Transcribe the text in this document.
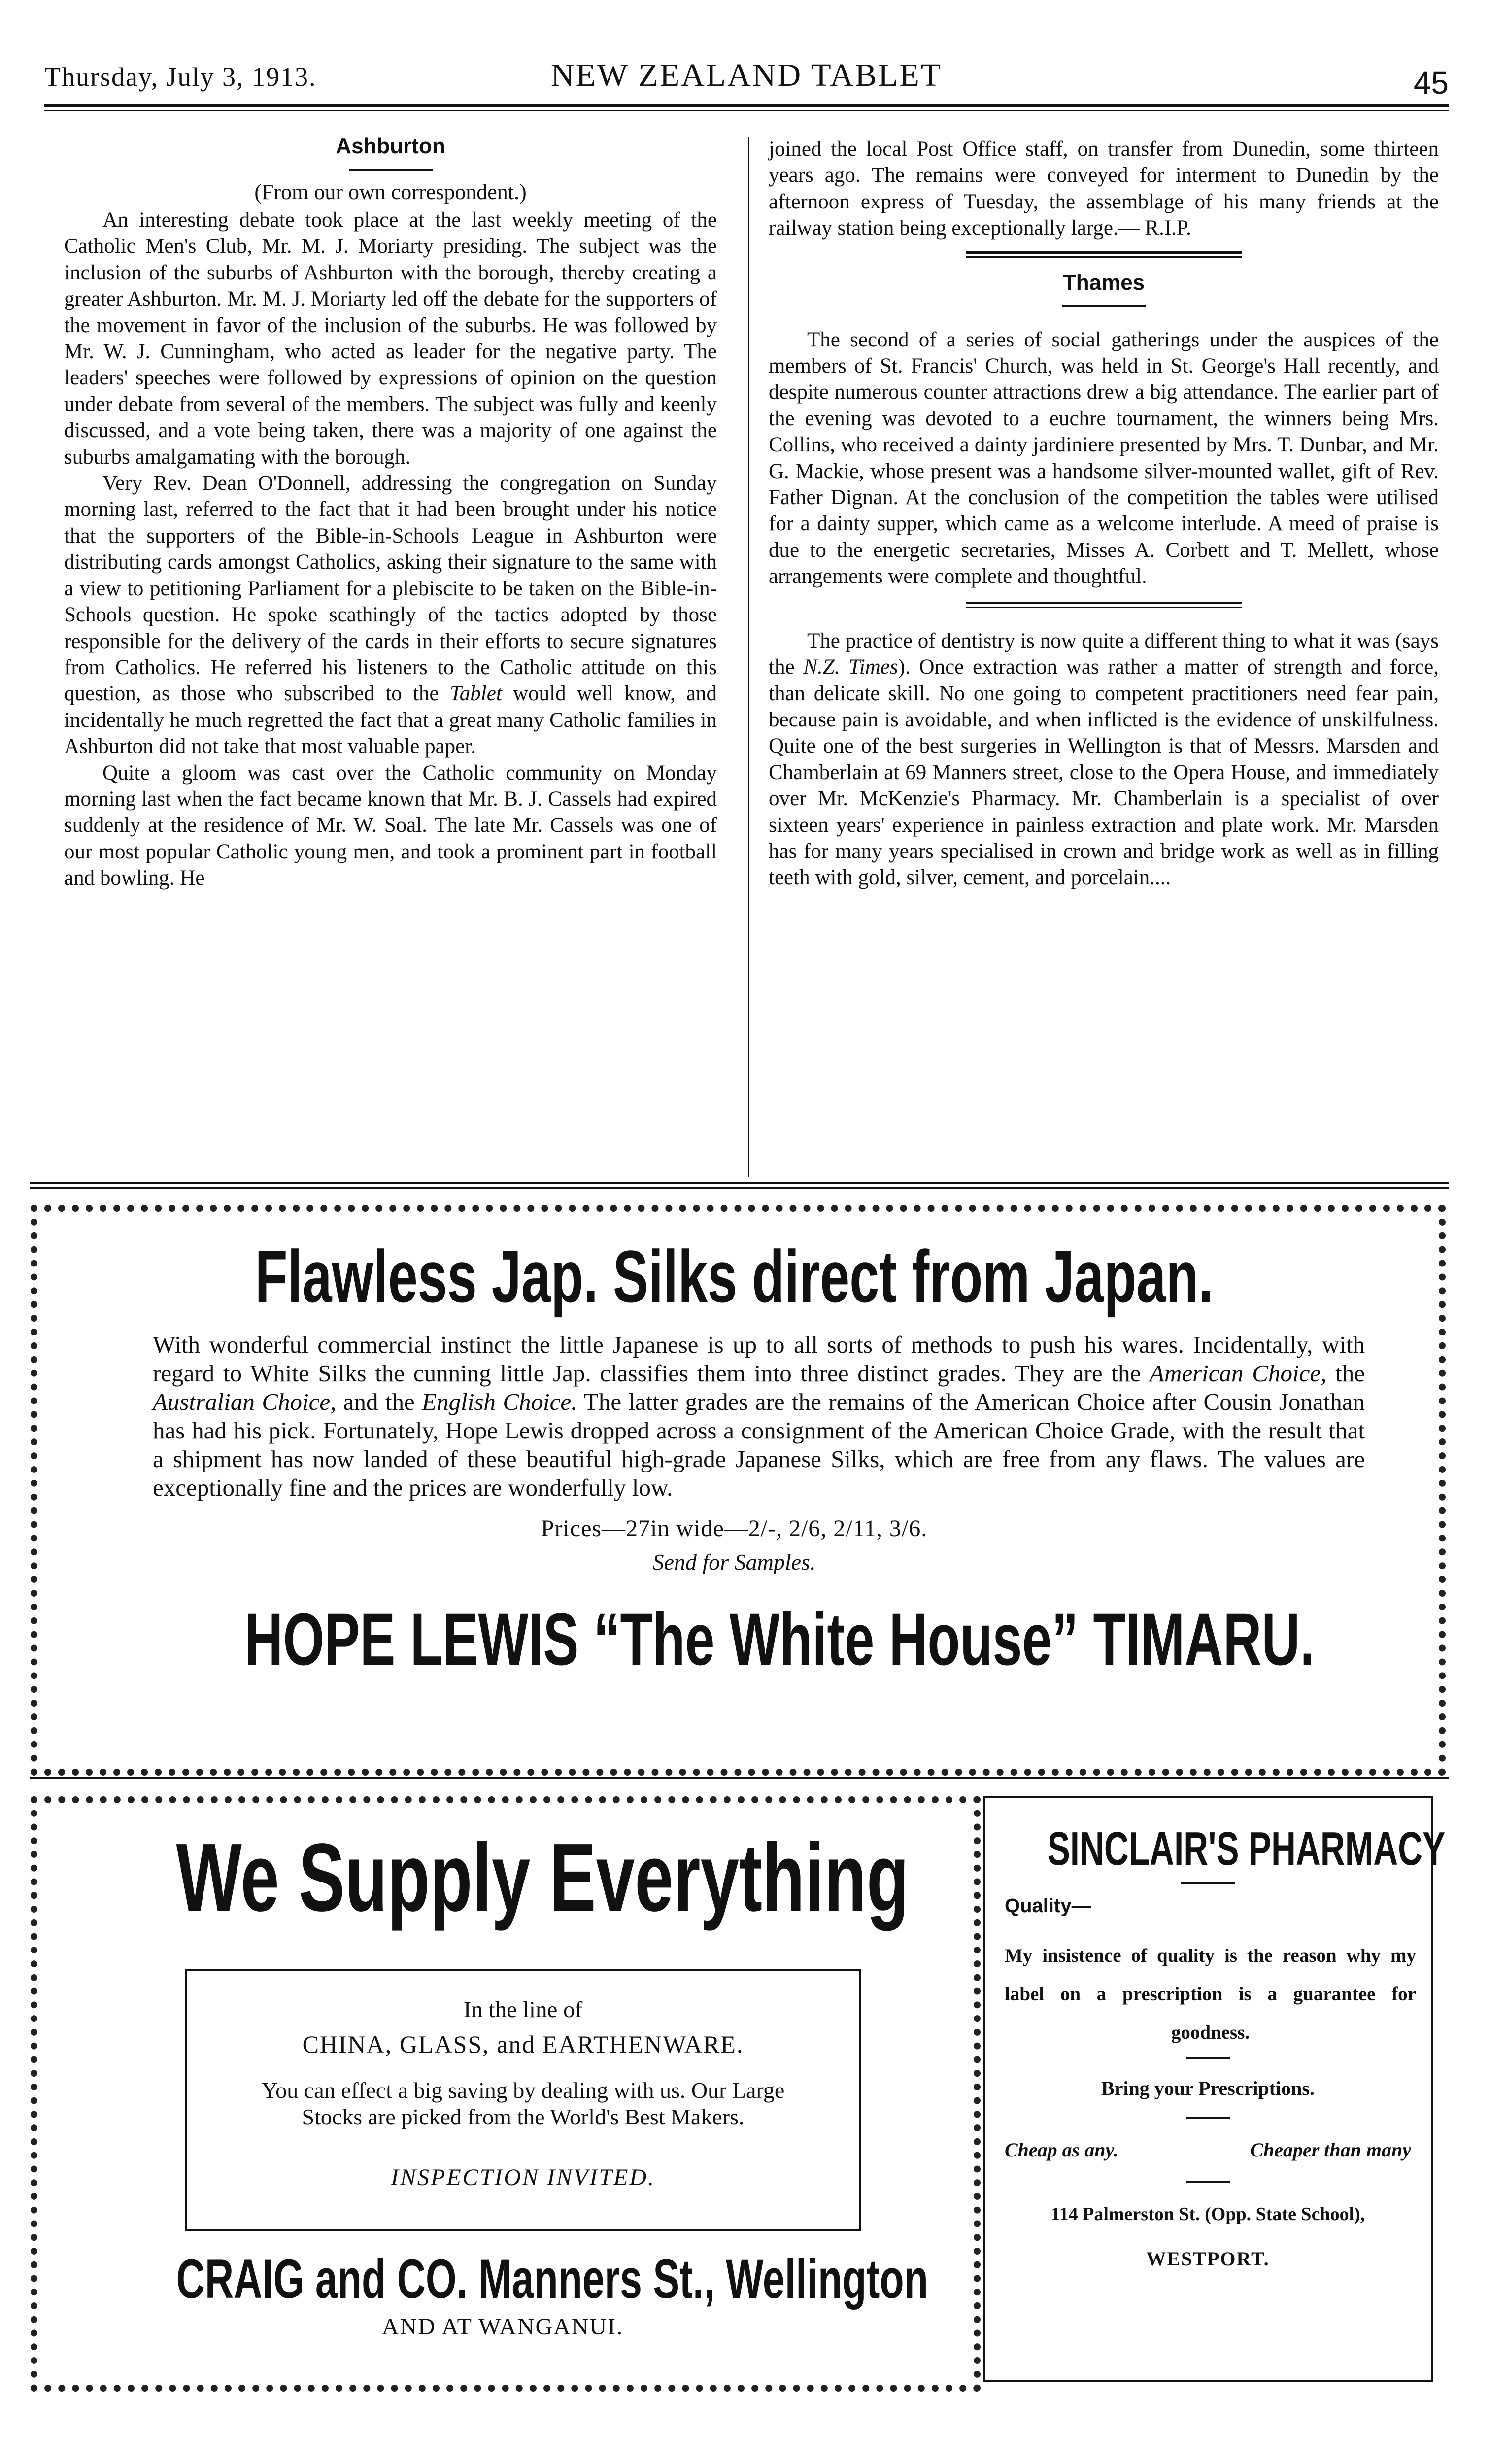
Thursday, July 3, 1913.	NEW ZEALAND TABLET	45
Ashburton
(From our own correspondent.)

An interesting debate took place at the last weekly meeting of the Catholic Men's Club, Mr. M. J. Moriarty presiding. The subject was the inclusion of the suburbs of Ashburton with the borough, thereby creating a greater Ashburton. Mr. M. J. Moriarty led off the debate for the supporters of the movement in favor of the inclusion of the suburbs. He was followed by Mr. W. J. Cunningham, who acted as leader for the negative party. The leaders' speeches were followed by expressions of opinion on the question under debate from several of the members. The subject was fully and keenly discussed, and a vote being taken, there was a majority of one against the suburbs amalgamating with the borough.

Very Rev. Dean O'Donnell, addressing the congregation on Sunday morning last, referred to the fact that it had been brought under his notice that the supporters of the Bible-in-Schools League in Ashburton were distributing cards amongst Catholics, asking their signature to the same with a view to petitioning Parliament for a plebiscite to be taken on the Bible-in-Schools question. He spoke scathingly of the tactics adopted by those responsible for the delivery of the cards in their efforts to secure signatures from Catholics. He referred his listeners to the Catholic attitude on this question, as those who subscribed to the Tablet would well know, and incidentally he much regretted the fact that a great many Catholic families in Ashburton did not take that most valuable paper.

Quite a gloom was cast over the Catholic community on Monday morning last when the fact became known that Mr. B. J. Cassels had expired suddenly at the residence of Mr. W. Soal. The late Mr. Cassels was one of our most popular Catholic young men, and took a prominent part in football and bowling. He

joined the local Post Office staff, on transfer from Dunedin, some thirteen years ago. The remains were conveyed for interment to Dunedin by the afternoon express of Tuesday, the assemblage of his many friends at the railway station being exceptionally large.— R.I.P.

Thames

The second of a series of social gatherings under the auspices of the members of St. Francis' Church, was held in St. George's Hall recently, and despite numerous counter attractions drew a big attendance. The earlier part of the evening was devoted to a euchre tournament, the winners being Mrs. Collins, who received a dainty jardiniere presented by Mrs. T. Dunbar, and Mr. G. Mackie, whose present was a handsome silver-mounted wallet, gift of Rev. Father Dignan. At the conclusion of the competition the tables were utilised for a dainty supper, which came as a welcome interlude. A meed of praise is due to the energetic secretaries, Misses A. Corbett and T. Mellett, whose arrangements were complete and thoughtful.

The practice of dentistry is now quite a different thing to what it was (says the N.Z. Times). Once extraction was rather a matter of strength and force, than delicate skill. No one going to competent practitioners need fear pain, because pain is avoidable, and when inflicted is the evidence of unskilfulness. Quite one of the best surgeries in Wellington is that of Messrs. Marsden and Chamberlain at 69 Manners street, close to the Opera House, and immediately over Mr. McKenzie's Pharmacy. Mr. Chamberlain is a specialist of over sixteen years' experience in painless extraction and plate work. Mr. Marsden has for many years specialised in crown and bridge work as well as in filling teeth with gold, silver, cement, and porcelain....

Flawless Jap. Silks direct from Japan.
With wonderful commercial instinct the little Japanese is up to all sorts of methods to push his wares. Incidentally, with regard to White Silks the cunning little Jap. classifies them into three distinct grades. They are the American Choice, the Australian Choice, and the English Choice. The latter grades are the remains of the American Choice after Cousin Jonathan has had his pick. Fortunately, Hope Lewis dropped across a consignment of the American Choice Grade, with the result that a shipment has now landed of these beautiful high-grade Japanese Silks, which are free from any flaws. The values are exceptionally fine and the prices are wonderfully low.
Prices—27in wide—2/-, 2/6, 2/11, 3/6.
Send for Samples.
HOPE LEWIS “The White House” TIMARU.
We Supply Everything
In the line of
CHINA, GLASS, and EARTHENWARE.
You can effect a big saving by dealing with us. Our Large Stocks are picked from the World's Best Makers.
INSPECTION INVITED.
CRAIG and CO. Manners St., Wellington
AND AT WANGANUI.
SINCLAIR'S PHARMACY
Quality—
My insistence of quality is the reason why my label on a prescription is a guarantee for goodness.
Bring your Prescriptions.
Cheap as any.	Cheaper than many
114 Palmerston St. (Opp. State School),
WESTPORT.
